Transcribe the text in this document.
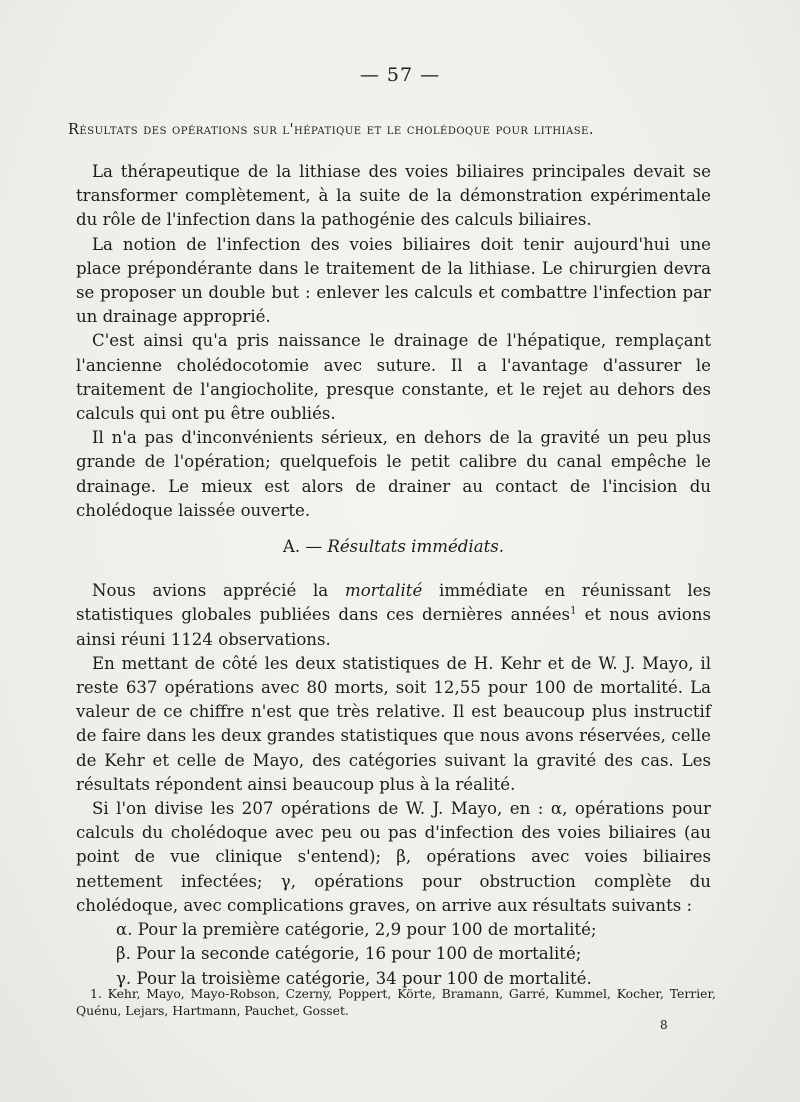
— 57 —
Résultats des opérations sur l'hépatique et le cholédoque pour lithiase.

La thérapeutique de la lithiase des voies biliaires principales devait se transformer complètement, à la suite de la démonstration expérimentale du rôle de l'infection dans la pathogénie des calculs biliaires.

La notion de l'infection des voies biliaires doit tenir aujourd'hui une place prépondérante dans le traitement de la lithiase. Le chirurgien devra se proposer un double but : enlever les calculs et combattre l'infection par un drainage approprié.

C'est ainsi qu'a pris naissance le drainage de l'hépatique, remplaçant l'ancienne cholédocotomie avec suture. Il a l'avantage d'assurer le traitement de l'angiocholite, presque constante, et le rejet au dehors des calculs qui ont pu être oubliés.

Il n'a pas d'inconvénients sérieux, en dehors de la gravité un peu plus grande de l'opération; quelquefois le petit calibre du canal empêche le drainage. Le mieux est alors de drainer au contact de l'incision du cholédoque laissée ouverte.

A. — Résultats immédiats.

Nous avions apprécié la mortalité immédiate en réunissant les statistiques globales publiées dans ces dernières années$^1$ et nous avions ainsi réuni 1124 observations.

En mettant de côté les deux statistiques de H. Kehr et de W. J. Mayo, il reste 637 opérations avec 80 morts, soit 12,55 pour 100 de mortalité. La valeur de ce chiffre n'est que très relative. Il est beaucoup plus instructif de faire dans les deux grandes statistiques que nous avons réservées, celle de Kehr et celle de Mayo, des catégories suivant la gravité des cas. Les résultats répondent ainsi beaucoup plus à la réalité.

Si l'on divise les 207 opérations de W. J. Mayo, en : α, opérations pour calculs du cholédoque avec peu ou pas d'infection des voies biliaires (au point de vue clinique s'entend); β, opérations avec voies biliaires nettement infectées; γ, opérations pour obstruction complète du cholédoque, avec complications graves, on arrive aux résultats suivants :

α. Pour la première catégorie, 2,9 pour 100 de mortalité;

β. Pour la seconde catégorie, 16 pour 100 de mortalité;

γ. Pour la troisième catégorie, 34 pour 100 de mortalité.

1. Kehr, Mayo, Mayo-Robson, Czerny, Poppert, Körte, Bramann, Garré, Kummel, Kocher, Terrier, Quénu, Lejars, Hartmann, Pauchet, Gosset.

8
